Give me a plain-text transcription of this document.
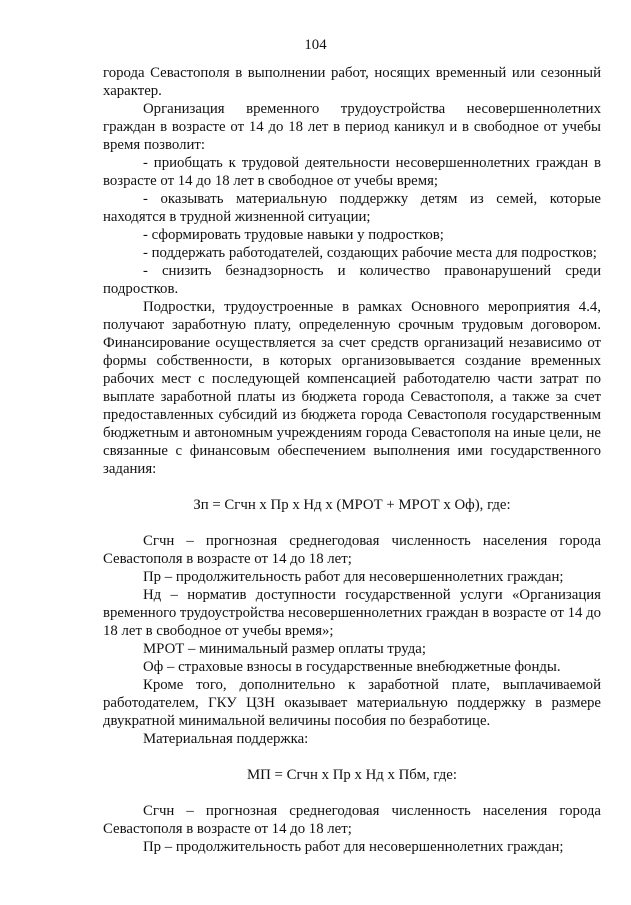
104

города Севастополя в выполнении работ, носящих временный или сезонный характер.

Организация временного трудоустройства несовершеннолетних граждан в возрасте от 14 до 18 лет в период каникул и в свободное от учебы время позволит:

- приобщать к трудовой деятельности несовершеннолетних граждан в возрасте от 14 до 18 лет в свободное от учебы время;

- оказывать материальную поддержку детям из семей, которые находятся в трудной жизненной ситуации;

- сформировать трудовые навыки у подростков;

- поддержать работодателей, создающих рабочие места для подростков;

- снизить безнадзорность и количество правонарушений среди подростков.

Подростки, трудоустроенные в рамках Основного мероприятия 4.4, получают заработную плату, определенную срочным трудовым договором. Финансирование осуществляется за счет средств организаций независимо от формы собственности, в которых организовывается создание временных рабочих мест с последующей компенсацией работодателю части затрат по выплате заработной платы из бюджета города Севастополя, а также за счет предоставленных субсидий из бюджета города Севастополя государственным бюджетным и автономным учреждениям города Севастополя на иные цели, не связанные с финансовым обеспечением выполнения ими государственного задания:

Зп = Сгчн x Пр x Нд x (МРОТ + МРОТ x Оф), где:

Сгчн – прогнозная среднегодовая численность населения города Севастополя в возрасте от 14 до 18 лет;

Пр – продолжительность работ для несовершеннолетних граждан;

Нд – норматив доступности государственной услуги «Организация временного трудоустройства несовершеннолетних граждан в возрасте от 14 до 18 лет в свободное от учебы время»;

МРОТ – минимальный размер оплаты труда;

Оф – страховые взносы в государственные внебюджетные фонды.

Кроме того, дополнительно к заработной плате, выплачиваемой работодателем, ГКУ ЦЗН оказывает материальную поддержку в размере двукратной минимальной величины пособия по безработице.

Материальная поддержка:

МП = Сгчн x Пр x Нд x Пбм, где:

Сгчн – прогнозная среднегодовая численность населения города Севастополя в возрасте от 14 до 18 лет;

Пр – продолжительность работ для несовершеннолетних граждан;
